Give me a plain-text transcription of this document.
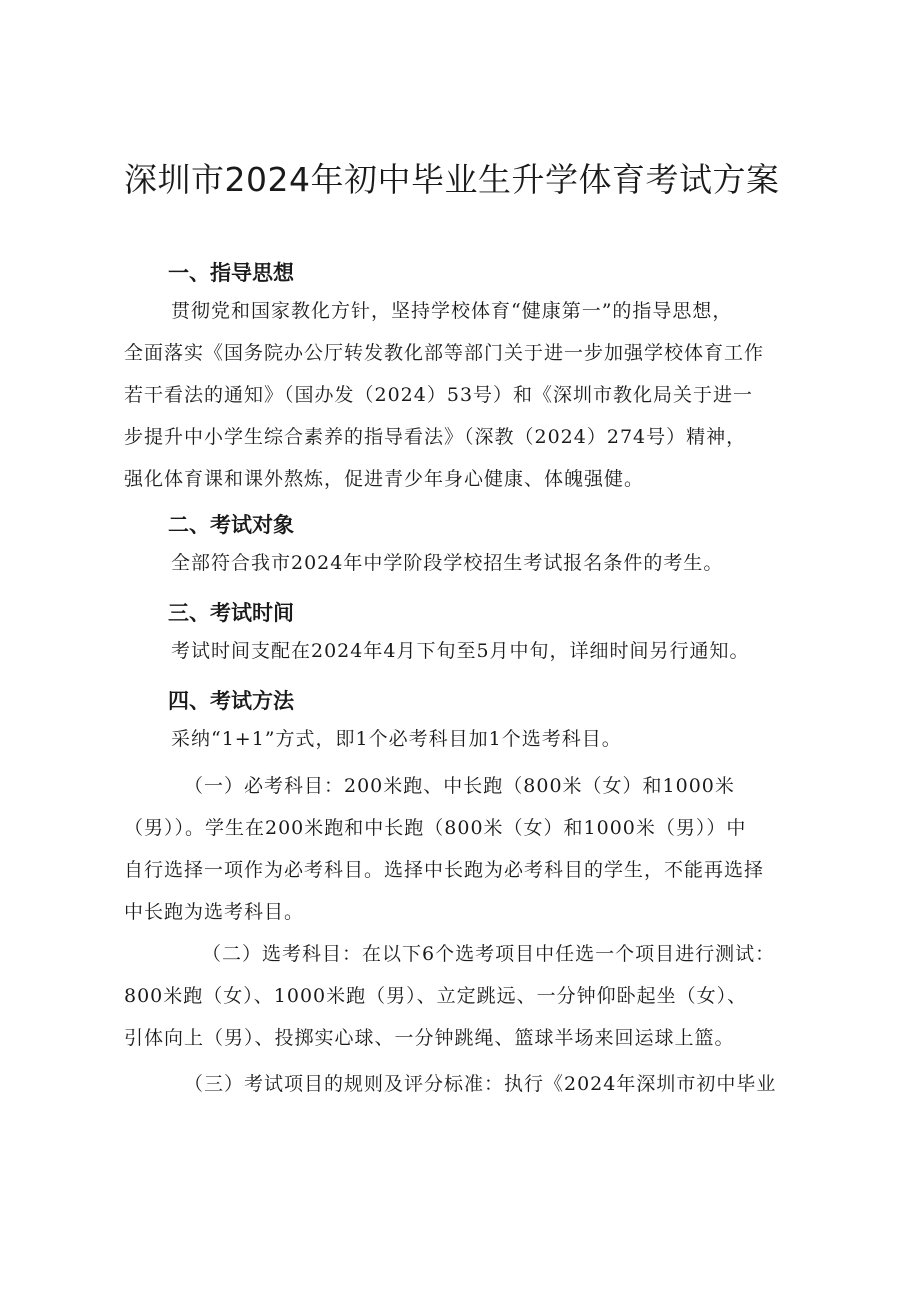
深圳市2024年初中毕业生升学体育考试方案
一、指导思想
贯彻党和国家教化方针，坚持学校体育“健康第一”的指导思想，
全面落实《国务院办公厅转发教化部等部门关于进一步加强学校体育工作
若干看法的通知》（国办发（2024）53号）和《深圳市教化局关于进一
步提升中小学生综合素养的指导看法》（深教（2024）274号）精神，
强化体育课和课外熬炼，促进青少年身心健康、体魄强健。
二、考试对象
全部符合我市2024年中学阶段学校招生考试报名条件的考生。
三、考试时间
考试时间支配在2024年4月下旬至5月中旬，详细时间另行通知。
四、考试方法
采纳“1+1”方式，即1个必考科目加1个选考科目。
（一）必考科目：200米跑、中长跑（800米（女）和1000米
（男））。学生在200米跑和中长跑（800米（女）和1000米（男））中
自行选择一项作为必考科目。选择中长跑为必考科目的学生，不能再选择
中长跑为选考科目。
（二）选考科目：在以下6个选考项目中任选一个项目进行测试：
800米跑（女）、1000米跑（男）、立定跳远、一分钟仰卧起坐（女）、
引体向上（男）、投掷实心球、一分钟跳绳、篮球半场来回运球上篮。
（三）考试项目的规则及评分标准：执行《2024年深圳市初中毕业
